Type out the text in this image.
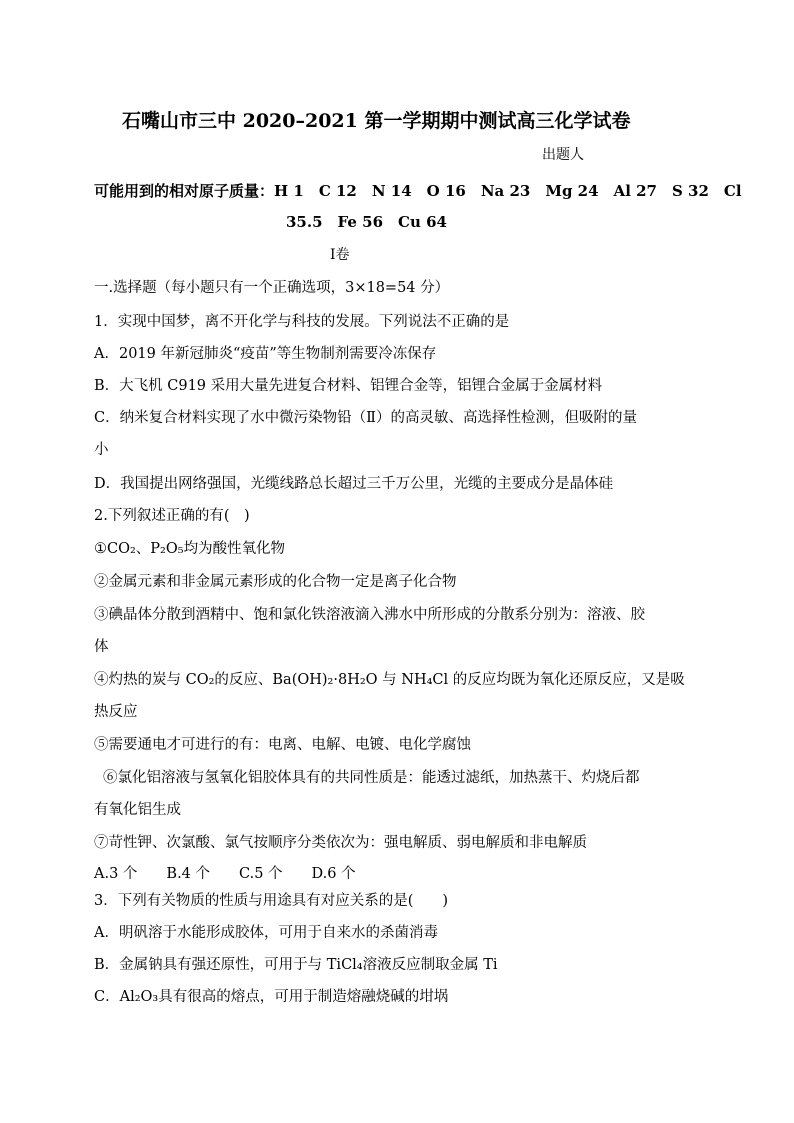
石嘴山市三中 2020–2021 第一学期期中测试高三化学试卷
出题人
可能用到的相对原子质量：H 1　C 12　N 14　O 16　Na 23　Mg 24　Al 27　S 32　Cl
35.5　Fe 56　Cu 64
Ⅰ卷
一.选择题（每小题只有一个正确选项，3×18=54 分）
1．实现中国梦，离不开化学与科技的发展。下列说法不正确的是
A．2019 年新冠肺炎“疫苗”等生物制剂需要冷冻保存
B．大飞机 C919 采用大量先进复合材料、铝锂合金等，铝锂合金属于金属材料
C．纳米复合材料实现了水中微污染物铅（Ⅱ）的高灵敏、高选择性检测，但吸附的量
小
D．我国提出网络强国，光缆线路总长超过三千万公里，光缆的主要成分是晶体硅
2.下列叙述正确的有(　)
①CO₂、P₂O₅均为酸性氧化物
②金属元素和非金属元素形成的化合物一定是离子化合物
③碘晶体分散到酒精中、饱和氯化铁溶液滴入沸水中所形成的分散系分别为：溶液、胶
体
④灼热的炭与 CO₂的反应、Ba(OH)₂·8H₂O 与 NH₄Cl 的反应均既为氧化还原反应，又是吸
热反应
⑤需要通电才可进行的有：电离、电解、电镀、电化学腐蚀
⑥氯化铝溶液与氢氧化铝胶体具有的共同性质是：能透过滤纸，加热蒸干、灼烧后都
有氧化铝生成
⑦苛性钾、次氯酸、氯气按顺序分类依次为：强电解质、弱电解质和非电解质
A.3 个　　B.4 个　　C.5 个　　D.6 个
3．下列有关物质的性质与用途具有对应关系的是(　　)
A．明矾溶于水能形成胶体，可用于自来水的杀菌消毒
B．金属钠具有强还原性，可用于与 TiCl₄溶液反应制取金属 Ti
C．Al₂O₃具有很高的熔点，可用于制造熔融烧碱的坩埚
